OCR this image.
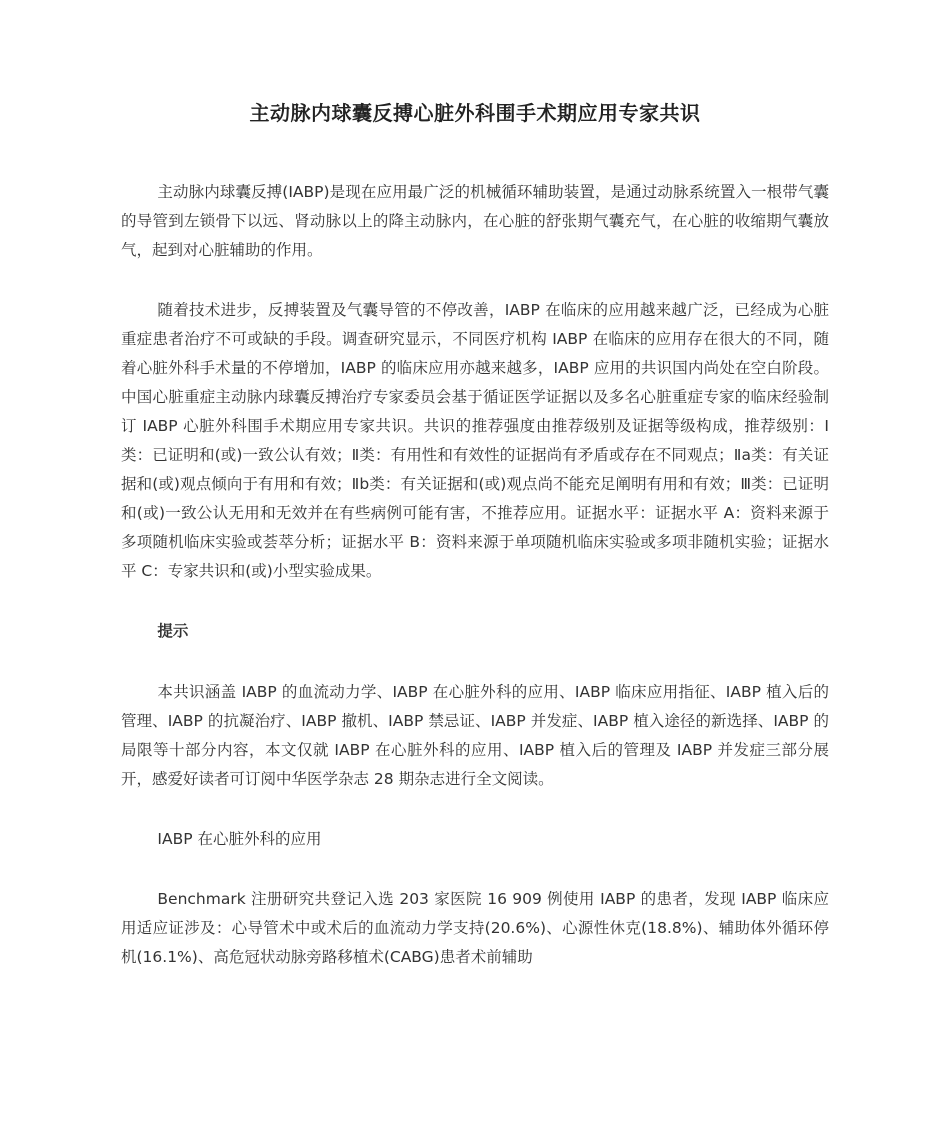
主动脉内球囊反搏心脏外科围手术期应用专家共识

主动脉内球囊反搏(IABP)是现在应用最广泛的机械循环辅助装置，是通过动脉系统置入一根带气囊的导管到左锁骨下以远、肾动脉以上的降主动脉内，在心脏的舒张期气囊充气，在心脏的收缩期气囊放气，起到对心脏辅助的作用。

随着技术进步，反搏装置及气囊导管的不停改善，IABP 在临床的应用越来越广泛，已经成为心脏重症患者治疗不可或缺的手段。调查研究显示，不同医疗机构 IABP 在临床的应用存在很大的不同，随着心脏外科手术量的不停增加，IABP 的临床应用亦越来越多，IABP 应用的共识国内尚处在空白阶段。中国心脏重症主动脉内球囊反搏治疗专家委员会基于循证医学证据以及多名心脏重症专家的临床经验制订 IABP 心脏外科围手术期应用专家共识。共识的推荐强度由推荐级别及证据等级构成，推荐级别：Ⅰ类：已证明和(或)一致公认有效；Ⅱ类：有用性和有效性的证据尚有矛盾或存在不同观点；Ⅱa类：有关证据和(或)观点倾向于有用和有效；Ⅱb类：有关证据和(或)观点尚不能充足阐明有用和有效；Ⅲ类：已证明和(或)一致公认无用和无效并在有些病例可能有害，不推荐应用。证据水平：证据水平 A：资料来源于多项随机临床实验或荟萃分析；证据水平 B：资料来源于单项随机临床实验或多项非随机实验；证据水平 C：专家共识和(或)小型实验成果。

提示

本共识涵盖 IABP 的血流动力学、IABP 在心脏外科的应用、IABP 临床应用指征、IABP 植入后的管理、IABP 的抗凝治疗、IABP 撤机、IABP 禁忌证、IABP 并发症、IABP 植入途径的新选择、IABP 的局限等十部分内容，本文仅就 IABP 在心脏外科的应用、IABP 植入后的管理及 IABP 并发症三部分展开，感爱好读者可订阅中华医学杂志 28 期杂志进行全文阅读。

IABP 在心脏外科的应用

Benchmark 注册研究共登记入选 203 家医院 16 909 例使用 IABP 的患者，发现 IABP 临床应用适应证涉及：心导管术中或术后的血流动力学支持(20.6%)、心源性休克(18.8%)、辅助体外循环停机(16.1%)、高危冠状动脉旁路移植术(CABG)患者术前辅助
